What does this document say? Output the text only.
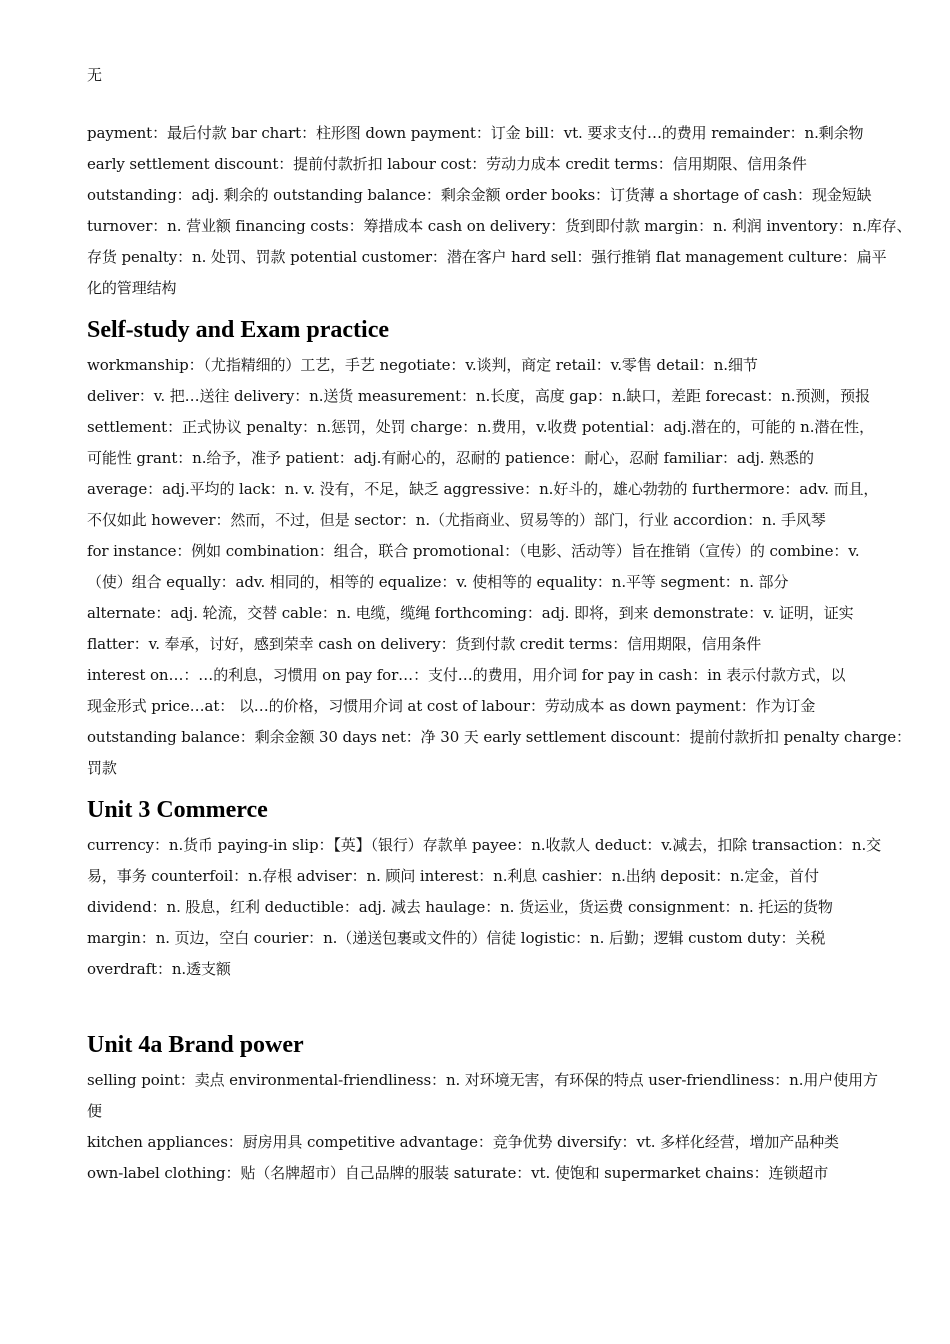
无
payment：最后付款 bar chart：柱形图 down payment：订金 bill：vt. 要求支付…的费用 remainder：n.剩余物
early settlement discount：提前付款折扣 labour cost：劳动力成本 credit terms：信用期限、信用条件
outstanding：adj. 剩余的 outstanding balance：剩余金额 order books：订货薄 a shortage of cash：现金短缺
turnover：n. 营业额 financing costs：筹措成本 cash on delivery：货到即付款 margin：n. 利润 inventory：n.库存、
存货 penalty：n. 处罚、罚款 potential customer：潜在客户 hard sell：强行推销 flat management culture：扁平
化的管理结构
Self-study and Exam practice
workmanship：（尤指精细的）工艺，手艺 negotiate：v.谈判，商定 retail：v.零售 detail：n.细节
deliver：v. 把…送往 delivery：n.送货 measurement：n.长度，高度 gap：n.缺口，差距 forecast：n.预测，预报
settlement：正式协议 penalty：n.惩罚，处罚 charge：n.费用，v.收费 potential：adj.潜在的，可能的 n.潜在性，
可能性 grant：n.给予，准予 patient：adj.有耐心的，忍耐的 patience：耐心，忍耐 familiar：adj. 熟悉的
average：adj.平均的 lack：n. v. 没有，不足，缺乏 aggressive：n.好斗的，雄心勃勃的 furthermore：adv. 而且，
不仅如此 however：然而，不过，但是 sector：n.（尤指商业、贸易等的）部门，行业 accordion：n. 手风琴
for instance：例如 combination：组合，联合 promotional：（电影、活动等）旨在推销（宣传）的 combine：v.
（使）组合 equally：adv. 相同的，相等的 equalize：v. 使相等的 equality：n.平等 segment：n. 部分
alternate：adj. 轮流，交替 cable：n. 电缆，缆绳 forthcoming：adj. 即将，到来 demonstrate：v. 证明，证实
flatter：v. 奉承，讨好，感到荣幸 cash on delivery：货到付款 credit terms：信用期限，信用条件
interest on…：…的利息，习惯用 on pay for…：支付…的费用，用介词 for pay in cash：in 表示付款方式，以
现金形式 price…at： 以…的价格，习惯用介词 at cost of labour：劳动成本 as down payment：作为订金
outstanding balance：剩余金额 30 days net：净 30 天 early settlement discount：提前付款折扣 penalty charge：
罚款
Unit 3 Commerce
currency：n.货币 paying-in slip：【英】（银行）存款单 payee：n.收款人 deduct：v.减去，扣除 transaction：n.交
易，事务 counterfoil：n.存根 adviser：n. 顾问 interest：n.利息 cashier：n.出纳 deposit：n.定金，首付
dividend：n. 股息，红利 deductible：adj. 减去 haulage：n. 货运业，货运费 consignment：n. 托运的货物
margin：n. 页边，空白 courier：n.（递送包裹或文件的）信徒 logistic：n. 后勤；逻辑 custom duty：关税
overdraft：n.透支额
Unit 4a Brand power
selling point：卖点 environmental-friendliness：n. 对环境无害，有环保的特点 user-friendliness：n.用户使用方
便
kitchen appliances：厨房用具 competitive advantage：竞争优势 diversify：vt. 多样化经营，增加产品种类
own-label clothing：贴（名牌超市）自己品牌的服装 saturate：vt. 使饱和 supermarket chains：连锁超市
